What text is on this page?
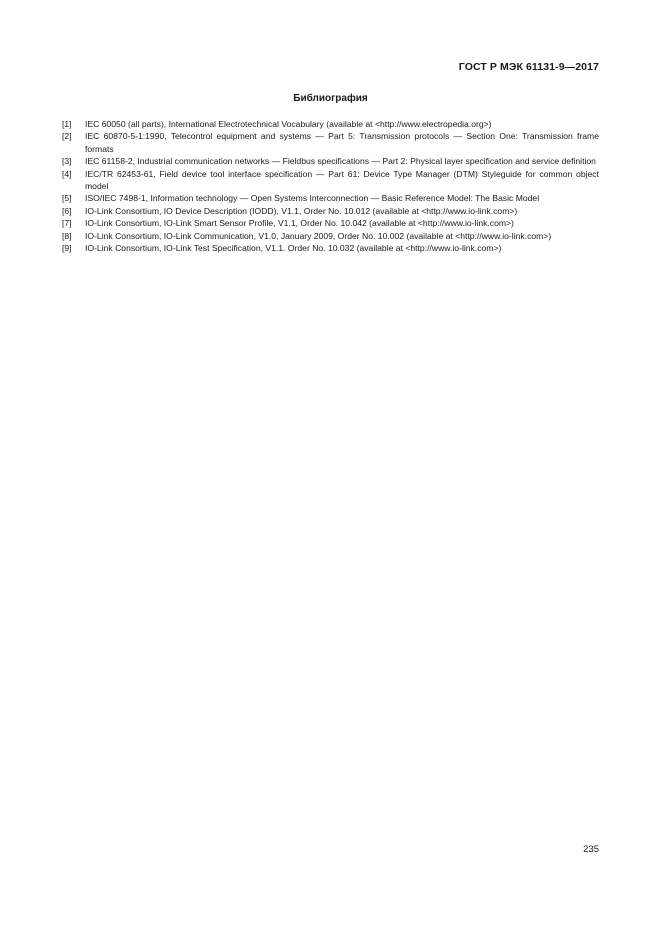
ГОСТ Р МЭК 61131-9—2017
Библиография
[1]	IEC 60050 (all parts), International Electrotechnical Vocabulary (available at <http://www.electropedia.org>)
[2]	IEC 60870-5-1:1990, Telecontrol equipment and systems — Part 5: Transmission protocols — Section One: Transmission frame formats
[3]	IEC 61158-2, Industrial communication networks — Fieldbus specifications — Part 2: Physical layer specification and service definition
[4]	IEC/TR 62453-61, Field device tool interface specification — Part 61: Device Type Manager (DTM) Styleguide for common object model
[5]	ISO/IEC 7498-1, Information technology — Open Systems Interconnection — Basic Reference Model: The Basic Model
[6]	IO-Link Consortium, IO Device Description (IODD), V1.1, Order No. 10.012 (available at <http://www.io-link.com>)
[7]	IO-Link Consortium, IO-Link Smart Sensor Profile, V1.1, Order No. 10.042 (available at <http://www.io-link.com>)
[8]	IO-Link Consortium, IO-Link Communication, V1.0, January 2009, Order No. 10.002 (available at <http://www.io-link.com>)
[9]	IO-Link Consortium, IO-Link Test Specification, V1.1. Order No. 10.032 (available at <http://www.io-link.com>)
235
